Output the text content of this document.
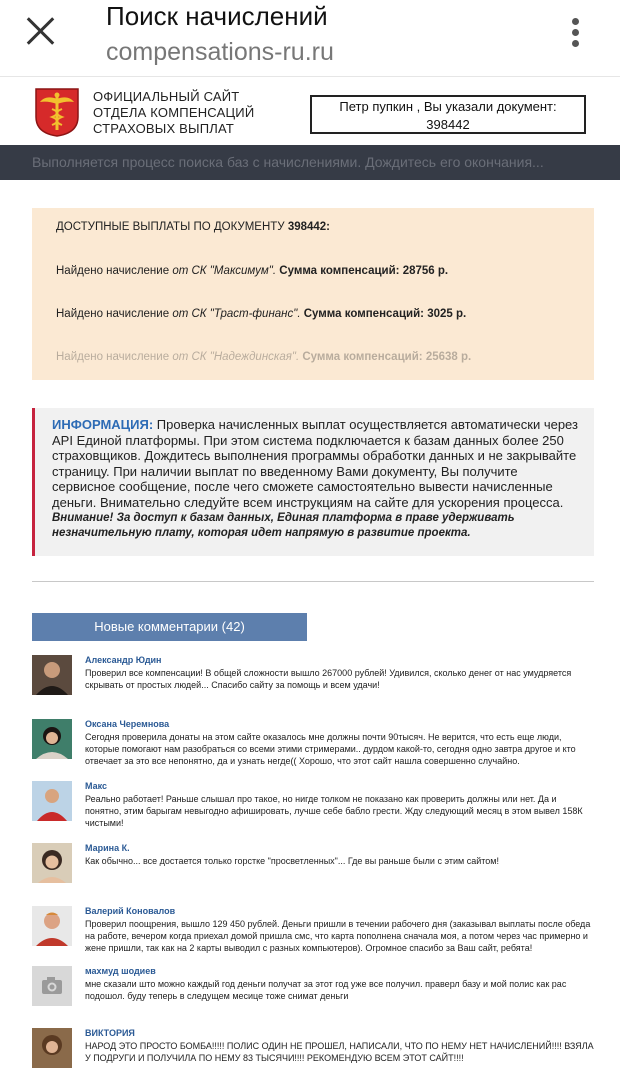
Поиск начислений
compensations-ru.ru
ОФИЦИАЛЬНЫЙ САЙТ
ОТДЕЛА КОМПЕНСАЦИЙ
СТРАХОВЫХ ВЫПЛАТ
Петр пупкин , Вы указали документ:
398442
Выполняется процесс поиска баз с начислениями. Дождитесь его окончания...
ДОСТУПНЫЕ ВЫПЛАТЫ ПО ДОКУМЕНТУ 398442:
Найдено начисление от СК "Максимум". Сумма компенсаций: 28756 р.
Найдено начисление от СК "Траст-финанс". Сумма компенсаций: 3025 р.
Найдено начисление от СК "Надеждинская". Сумма компенсаций: 25638 р.
ИНФОРМАЦИЯ: Проверка начисленных выплат осуществляется автоматически через API Единой платформы. При этом система подключается к базам данных более 250 страховщиков. Дождитесь выполнения программы обработки данных и не закрывайте страницу. При наличии выплат по введенному Вами документу, Вы получите сервисное сообщение, после чего сможете самостоятельно вывести начисленные деньги. Внимательно следуйте всем инструкциям на сайте для ускорения процесса.
Внимание! За доступ к базам данных, Единая платформа в праве удерживать незначительную плату, которая идет напрямую в развитие проекта.
Новые комментарии (42)
Александр Юдин
Проверил все компенсации! В общей сложности вышло 267000 рублей! Удивился, сколько денег от нас умудряется скрывать от простых людей... Спасибо сайту за помощь и всем удачи!
Оксана Черемнова
Сегодня проверила донаты на этом сайте оказалось мне должны почти 90тысяч. Не верится, что есть еще люди, которые помогают нам разобраться со всеми этими стримерами.. дурдом какой-то, сегодня одно завтра другое и кто отвечает за это все непонятно, да и узнать негде(( Хорошо, что этот сайт нашла совершенно случайно.
Макс
Реально работает! Раньше слышал про такое, но нигде толком не показано как проверить должны или нет. Да и понятно, этим барыгам невыгодно афишировать, лучше себе бабло грести. Жду следующий месяц в этом вывел 158К чистыми!
Марина К.
Как обычно... все достается только горстке "просветленных"... Где вы раньше были с этим сайтом!
Валерий Коновалов
Проверил поощрения, вышло 129 450 рублей. Деньги пришли в течении рабочего дня (заказывал выплаты после обеда на работе, вечером когда приехал домой пришла смс, что карта пополнена сначала моя, а потом через час примерно и жене пришли, так как на 2 карты выводил с разных компьютеров). Огромное спасибо за Ваш сайт, ребята!
махмуд шодиев
мне сказали што можно каждый год деньги получат за этот год уже все получил. праверл базу и мой полис как рас подошол. буду теперь в следущем месице тоже снимат деньги
ВИКТОРИЯ
НАРОД ЭТО ПРОСТО БОМБА!!!!! ПОЛИС ОДИН НЕ ПРОШЕЛ, НАПИСАЛИ, ЧТО ПО НЕМУ НЕТ НАЧИСЛЕНИЙ!!!! ВЗЯЛА У ПОДРУГИ И ПОЛУЧИЛА ПО НЕМУ 83 ТЫСЯЧИ!!!! РЕКОМЕНДУЮ ВСЕМ ЭТОТ САЙТ!!!!
